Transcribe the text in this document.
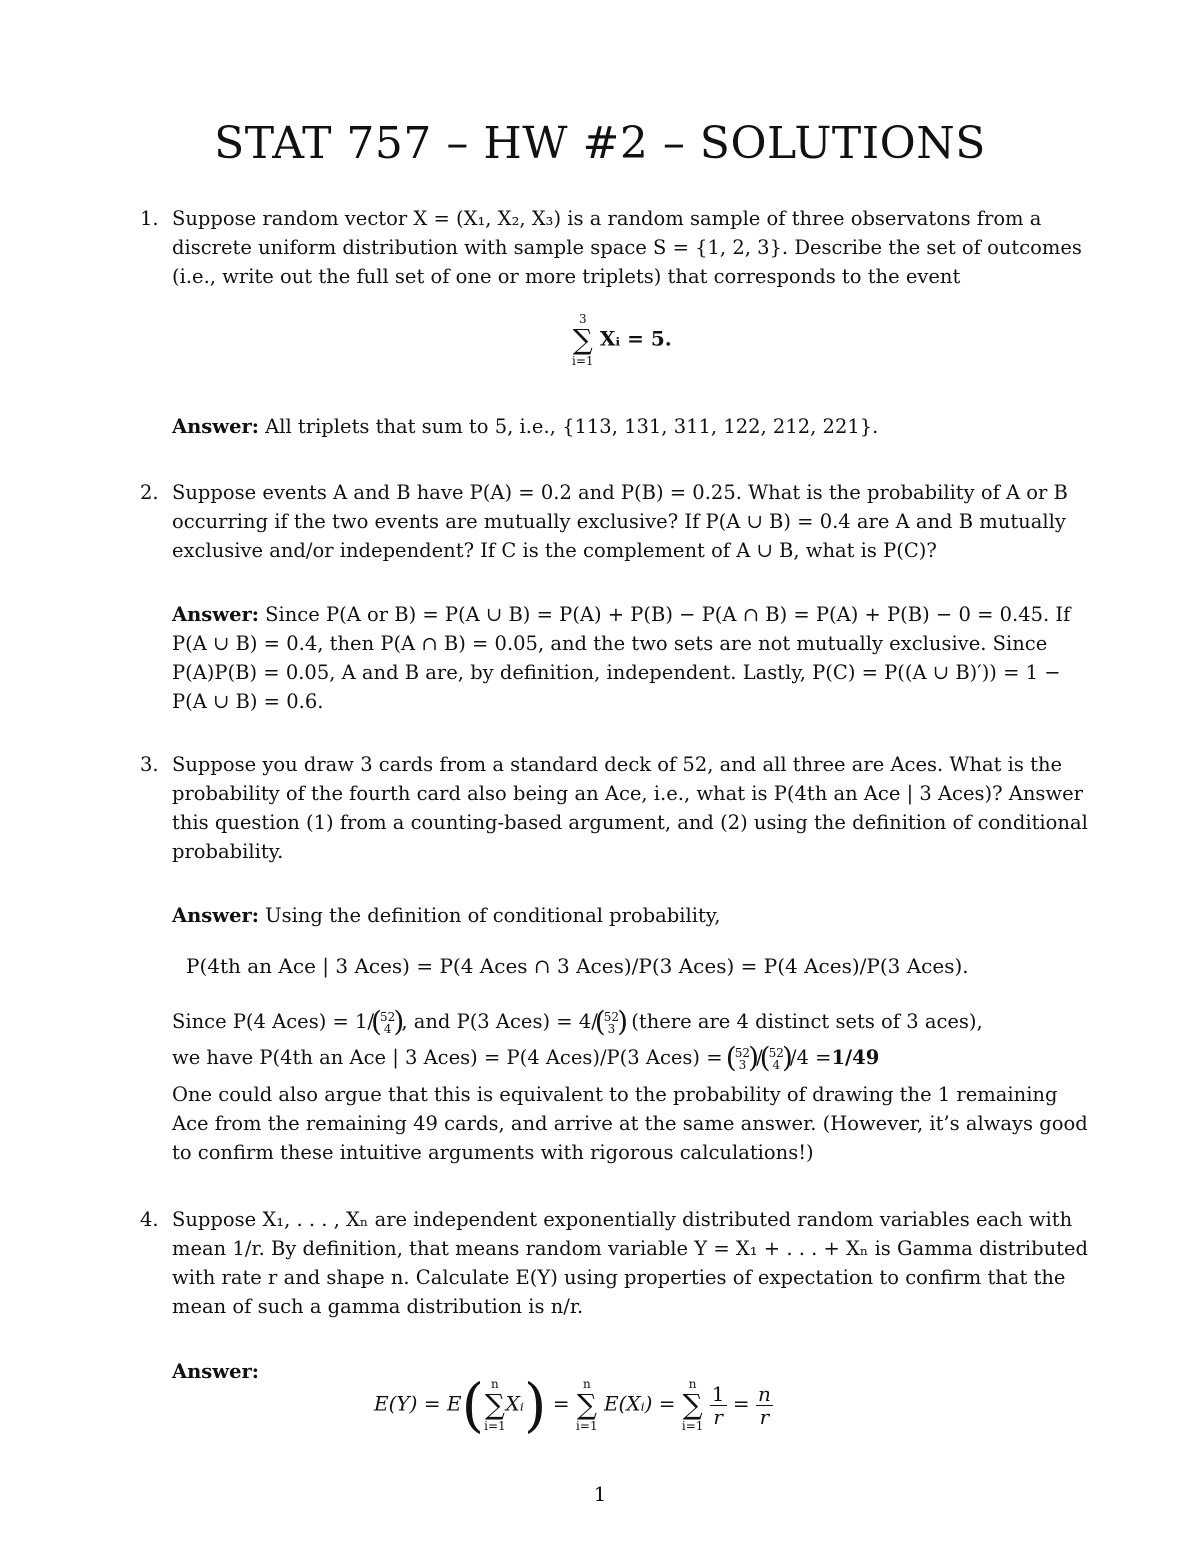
STAT 757 – HW #2 – SOLUTIONS
1. Suppose random vector X = (X₁, X₂, X₃) is a random sample of three observatons from a discrete uniform distribution with sample space S = {1, 2, 3}. Describe the set of outcomes (i.e., write out the full set of one or more triplets) that corresponds to the event

3
∑
i=1
Xᵢ = 5.

Answer: All triplets that sum to 5, i.e., {113, 131, 311, 122, 212, 221}.

2. Suppose events A and B have P(A) = 0.2 and P(B) = 0.25. What is the probability of A or B occurring if the two events are mutually exclusive? If P(A ∪ B) = 0.4 are A and B mutually exclusive and/or independent? If C is the complement of A ∪ B, what is P(C)?

Answer: Since P(A or B) = P(A ∪ B) = P(A) + P(B) − P(A ∩ B) = P(A) + P(B) − 0 = 0.45. If P(A ∪ B) = 0.4, then P(A ∩ B) = 0.05, and the two sets are not mutually exclusive. Since P(A)P(B) = 0.05, A and B are, by definition, independent. Lastly, P(C) = P((A ∪ B)′)) = 1 − P(A ∪ B) = 0.6.

3. Suppose you draw 3 cards from a standard deck of 52, and all three are Aces. What is the probability of the fourth card also being an Ace, i.e., what is P(4th an Ace | 3 Aces)? Answer this question (1) from a counting-based argument, and (2) using the definition of conditional probability.

Answer: Using the definition of conditional probability,

P(4th an Ace | 3 Aces) = P(4 Aces ∩ 3 Aces)/P(3 Aces) = P(4 Aces)/P(3 Aces).

Since P(4 Aces) = 1/ ( 52
4
) , and P(3 Aces) = 4/ ( 52
3
) (there are 4 distinct sets of 3 aces),

we have P(4th an Ace | 3 Aces) = P(4 Aces)/P(3 Aces) = ( 52
3
) / ( 52
4
) /4 =1/49

One could also argue that this is equivalent to the probability of drawing the 1 remaining Ace from the remaining 49 cards, and arrive at the same answer. (However, it’s always good to confirm these intuitive arguments with rigorous calculations!)

4. Suppose X₁, . . . , Xₙ are independent exponentially distributed random variables each with mean 1/r. By definition, that means random variable Y = X₁ + . . . + Xₙ is Gamma distributed with rate r and shape n. Calculate E(Y) using properties of expectation to confirm that the mean of such a gamma distribution is n/r.

Answer:

E(Y) = E( n
∑
i=1
Xᵢ) =
n
∑
i=1
E(Xᵢ) =
n
∑
i=1
$\frac{1}{r} = \frac{n}{r}$
1
